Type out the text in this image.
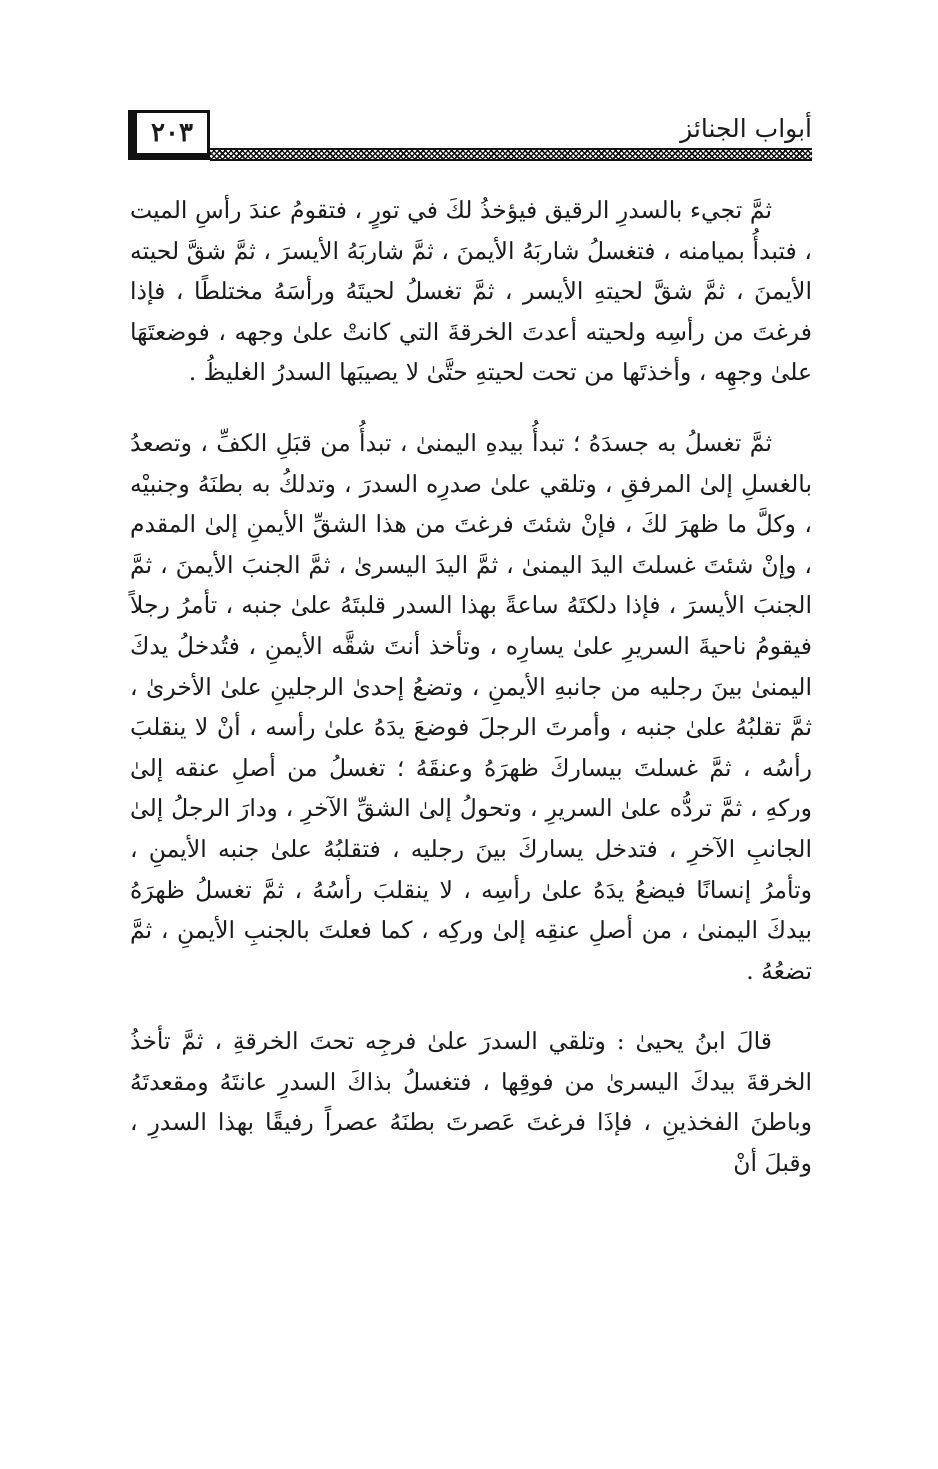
٢٠٣	أبواب الجنائز

ثمَّ تجيء بالسدرِ الرقيق فيؤخذُ لكَ في تورٍ ، فتقومُ عندَ رأسِ الميت ، فتبدأُ بميامنه ، فتغسلُ شاربَهُ الأيمنَ ، ثمَّ شاربَهُ الأيسرَ ، ثمَّ شقَّ لحيته الأيمنَ ، ثمَّ شقَّ لحيتهِ الأيسر ، ثمَّ تغسلُ لحيتَهُ ورأسَهُ مختلطًا ، فإذا فرغتَ من رأسِه ولحيته أعدتَ الخرقةَ التي كانتْ علىٰ وجهه ، فوضعتَهَا علىٰ وجهِه ، وأخذتَها من تحت لحيتهِ حتَّىٰ لا يصيبَها السدرُ الغليظُ .

ثمَّ تغسلُ به جسدَهُ ؛ تبدأُ بيدهِ اليمنىٰ ، تبدأُ من قبَلِ الكفِّ ، وتصعدُ بالغسلِ إلىٰ المرفقِ ، وتلقي علىٰ صدرِه السدرَ ، وتدلكُ به بطنَهُ وجنبيْه ، وكلَّ ما ظهرَ لكَ ، فإنْ شئتَ فرغتَ من هذا الشقِّ الأيمنِ إلىٰ المقدم ، وإنْ شئتَ غسلتَ اليدَ اليمنىٰ ، ثمَّ اليدَ اليسرىٰ ، ثمَّ الجنبَ الأيمنَ ، ثمَّ الجنبَ الأيسرَ ، فإذا دلكتَهُ ساعةً بهذا السدر قلبتَهُ علىٰ جنبه ، تأمرُ رجلاً فيقومُ ناحيةَ السريرِ علىٰ يسارِه ، وتأخذ أنتَ شقَّه الأيمنِ ، فتُدخلُ يدكَ اليمنىٰ بينَ رجليه من جانبهِ الأيمنِ ، وتضعُ إحدىٰ الرجلينِ علىٰ الأخرىٰ ، ثمَّ تقلبُهُ علىٰ جنبه ، وأمرتَ الرجلَ فوضعَ يدَهُ علىٰ رأسه ، أنْ لا ينقلبَ رأسُه ، ثمَّ غسلتَ بيساركَ ظهرَهُ وعنقَهُ ؛ تغسلُ من أصلِ عنقه إلىٰ وركهِ ، ثمَّ تردُّه علىٰ السريرِ ، وتحولُ إلىٰ الشقِّ الآخرِ ، ودارَ الرجلُ إلىٰ الجانبِ الآخرِ ، فتدخل يساركَ بينَ رجليه ، فتقلبُهُ علىٰ جنبه الأيمنِ ، وتأمرُ إنسانًا فيضعُ يدَهُ علىٰ رأسِه ، لا ينقلبَ رأسُهُ ، ثمَّ تغسلُ ظهرَهُ بيدكَ اليمنىٰ ، من أصلِ عنقِه إلىٰ وركِه ، كما فعلتَ بالجنبِ الأيمنِ ، ثمَّ تضعُهُ .

قالَ ابنُ يحيىٰ : وتلقي السدرَ علىٰ فرجِه تحتَ الخرقةِ ، ثمَّ تأخذُ الخرقةَ بيدكَ اليسرىٰ من فوقِها ، فتغسلُ بذاكَ السدرِ عانتَهُ ومقعدتَهُ وباطنَ الفخذينِ ، فإذَا فرغتَ عَصرتَ بطنَهُ عصراً رفيقًا بهذا السدرِ ، وقبلَ أنْ
